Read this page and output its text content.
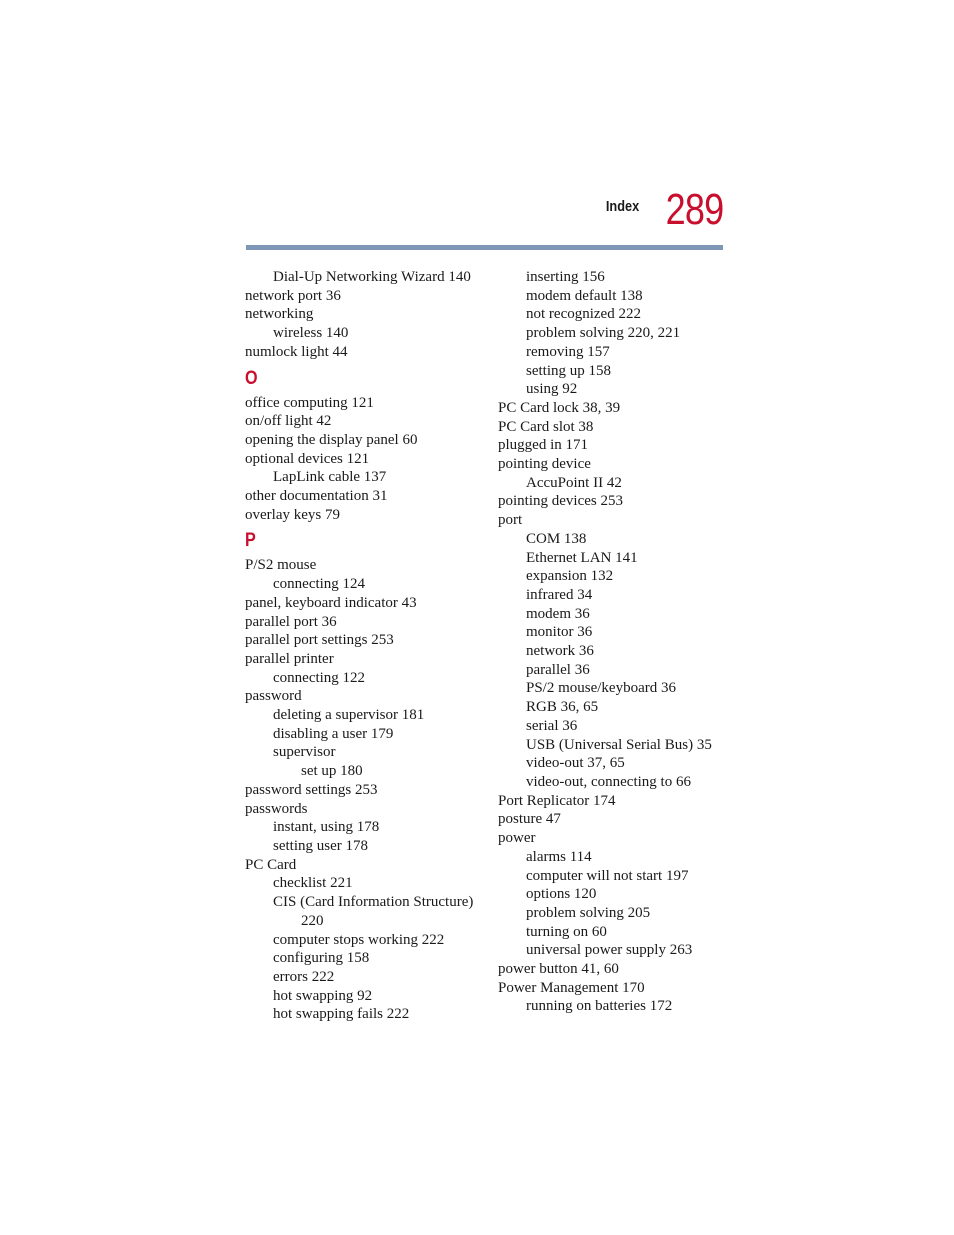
Index 289
Dial-Up Networking Wizard 140
network port 36
networking
wireless 140
numlock light 44
O
office computing 121
on/off light 42
opening the display panel 60
optional devices 121
LapLink cable 137
other documentation 31
overlay keys 79
P
P/S2 mouse
connecting 124
panel, keyboard indicator 43
parallel port 36
parallel port settings 253
parallel printer
connecting 122
password
deleting a supervisor 181
disabling a user 179
supervisor
set up 180
password settings 253
passwords
instant, using 178
setting user 178
PC Card
checklist 221
CIS (Card Information Structure)
220
computer stops working 222
configuring 158
errors 222
hot swapping 92
hot swapping fails 222
inserting 156
modem default 138
not recognized 222
problem solving 220, 221
removing 157
setting up 158
using 92
PC Card lock 38, 39
PC Card slot 38
plugged in 171
pointing device
AccuPoint II 42
pointing devices 253
port
COM 138
Ethernet LAN 141
expansion 132
infrared 34
modem 36
monitor 36
network 36
parallel 36
PS/2 mouse/keyboard 36
RGB 36, 65
serial 36
USB (Universal Serial Bus) 35
video-out 37, 65
video-out, connecting to 66
Port Replicator 174
posture 47
power
alarms 114
computer will not start 197
options 120
problem solving 205
turning on 60
universal power supply 263
power button 41, 60
Power Management 170
running on batteries 172
